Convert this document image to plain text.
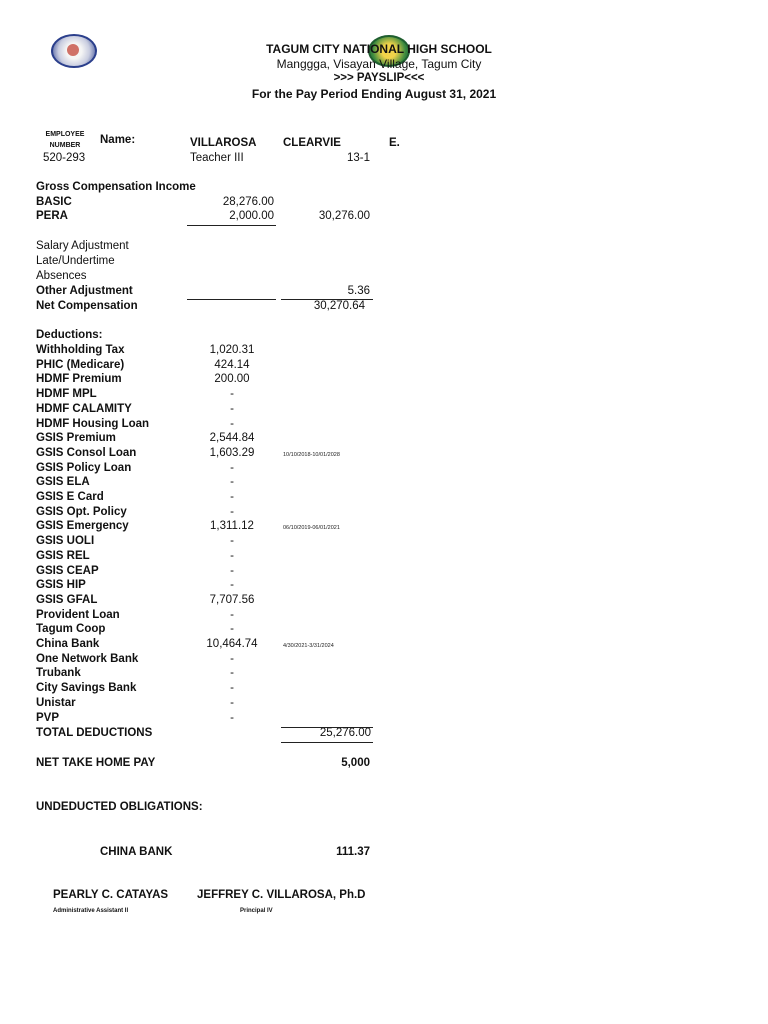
TAGUM CITY NATIONAL HIGH SCHOOL
Manggga, Visayan Village, Tagum City
>>> PAYSLIP<<<
For the Pay Period Ending August 31, 2021
EMPLOYEE
NUMBER	Name:	VILLAROSA CLEARVIE	E.
520-293	Teacher III	13-1
Gross Compensation Income
BASIC	28,276.00
PERA	2,000.00	30,276.00
Salary Adjustment
Late/Undertime
Absences
Other Adjustment	5.36
Net Compensation	30,270.64
Deductions:
Withholding Tax	1,020.31
PHIC (Medicare)	424.14
HDMF Premium	200.00
HDMF MPL	-
HDMF CALAMITY	-
HDMF Housing Loan	-
GSIS Premium	2,544.84
GSIS Consol Loan	1,603.29	10/10/2018-10/01/2028
GSIS Policy Loan	-
GSIS ELA	-
GSIS E Card	-
GSIS Opt. Policy	-
GSIS Emergency	1,311.12	06/10/2019-06/01/2021
GSIS UOLI	-
GSIS REL	-
GSIS CEAP	-
GSIS HIP	-
GSIS GFAL	7,707.56
Provident Loan	-
Tagum Coop	-
China Bank	10,464.74	4/30/2021-3/31/2024
One Network Bank	-
Trubank	-
City Savings Bank	-
Unistar	-
PVP	-
TOTAL DEDUCTIONS	25,276.00
NET TAKE HOME PAY	5,000
UNDEDUCTED OBLIGATIONS:
CHINA BANK	111.37
PEARLY C. CATAYAS
Administrative Assistant II
JEFFREY C. VILLAROSA, Ph.D
Principal IV
